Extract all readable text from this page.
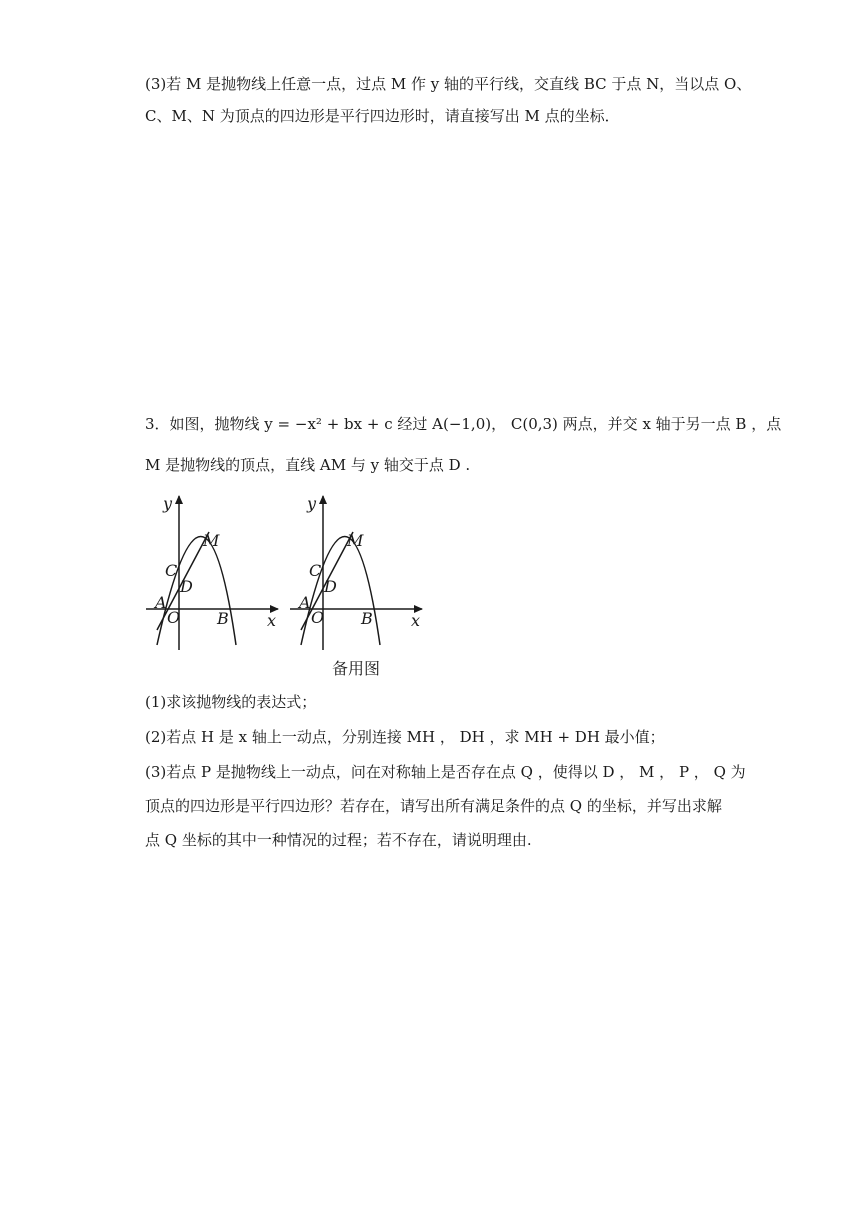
(3)若 M 是抛物线上任意一点，过点 M 作 y 轴的平行线，交直线 BC 于点 N，当以点 O、
C、M、N 为顶点的四边形是平行四边形时，请直接写出 M 点的坐标．
3．如图，抛物线 y = −x² + bx + c 经过 A(−1,0)， C(0,3) 两点，并交 x 轴于另一点 B ，点
M 是抛物线的顶点，直线 AM 与 y 轴交于点 D .
y
x
M
C
D
A
O B
y
x
M
C
D
A
O B
备用图
(1)求该抛物线的表达式；
(2)若点 H 是 x 轴上一动点，分别连接 MH ， DH ，求 MH + DH 最小值；
(3)若点 P 是抛物线上一动点，问在对称轴上是否存在点 Q ，使得以 D ， M ， P ， Q 为
顶点的四边形是平行四边形？若存在，请写出所有满足条件的点 Q 的坐标，并写出求解
点 Q 坐标的其中一种情况的过程；若不存在，请说明理由.
